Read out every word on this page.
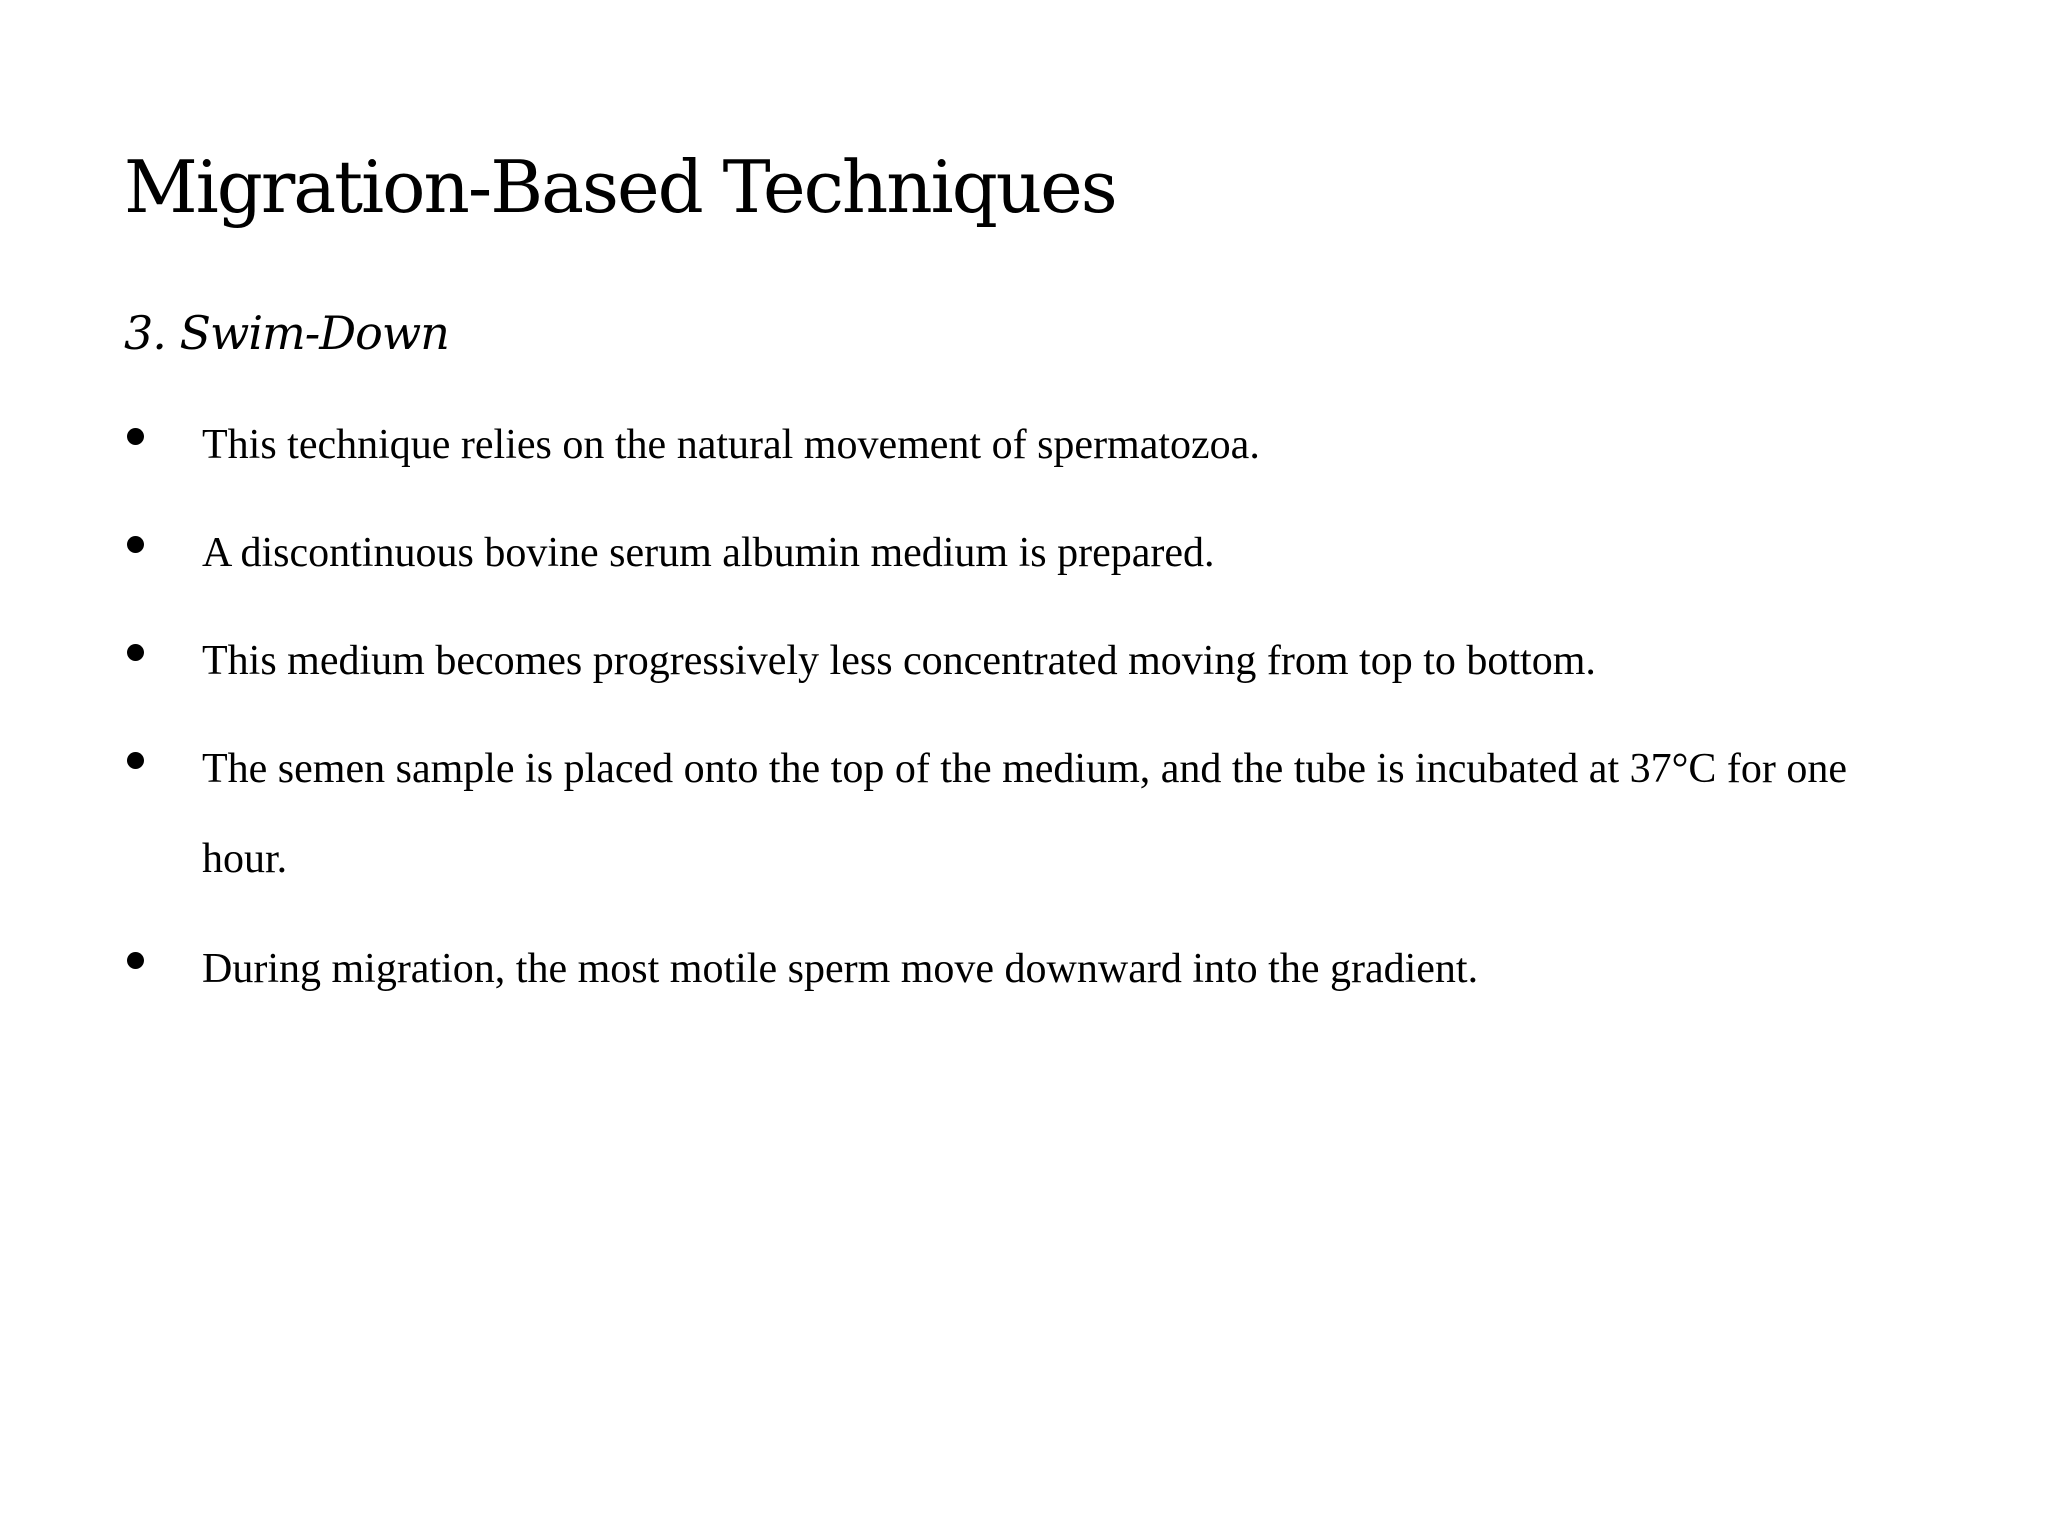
Migration-Based Techniques
3. Swim-Down

This technique relies on the natural movement of spermatozoa.

A discontinuous bovine serum albumin medium is prepared.

This medium becomes progressively less concentrated moving from top to bottom.

The semen sample is placed onto the top of the medium, and the tube is incubated at 37°C for one hour.

During migration, the most motile sperm move downward into the gradient.
